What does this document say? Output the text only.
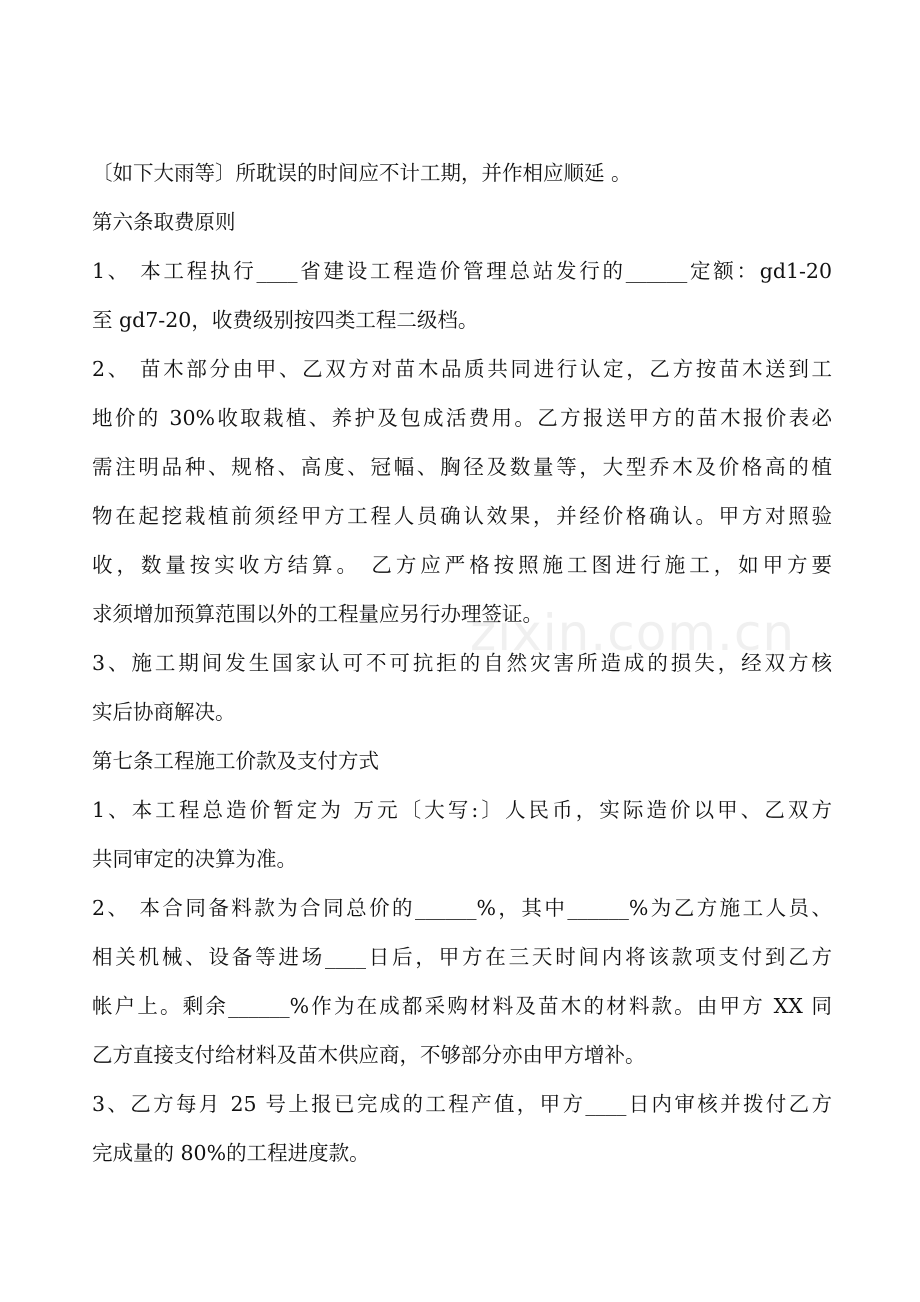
〔如下大雨等〕所耽误的时间应不计工期，并作相应顺延 。
第六条取费原则
1、 本工程执行____省建设工程造价管理总站发行的______定额：gd1-20
至 gd7-20，收费级别按四类工程二级档。
2、 苗木部分由甲、乙双方对苗木品质共同进行认定，乙方按苗木送到工
地价的 30%收取栽植、养护及包成活费用。乙方报送甲方的苗木报价表必
需注明品种、规格、高度、冠幅、胸径及数量等，大型乔木及价格高的植
物在起挖栽植前须经甲方工程人员确认效果，并经价格确认。甲方对照验
收，数量按实收方结算。 乙方应严格按照施工图进行施工，如甲方要
求须增加预算范围以外的工程量应另行办理签证。
3、施工期间发生国家认可不可抗拒的自然灾害所造成的损失，经双方核
实后协商解决。
第七条工程施工价款及支付方式
1、本工程总造价暂定为 万元〔大写:〕人民币，实际造价以甲、乙双方
共同审定的决算为准。
2、 本合同备料款为合同总价的______%，其中______%为乙方施工人员、
相关机械、设备等进场____日后，甲方在三天时间内将该款项支付到乙方
帐户上。剩余______%作为在成都采购材料及苗木的材料款。由甲方 XX 同
乙方直接支付给材料及苗木供应商，不够部分亦由甲方增补。
3、乙方每月 25 号上报已完成的工程产值，甲方____日内审核并拨付乙方
完成量的 80%的工程进度款。
zixin.com.cn
